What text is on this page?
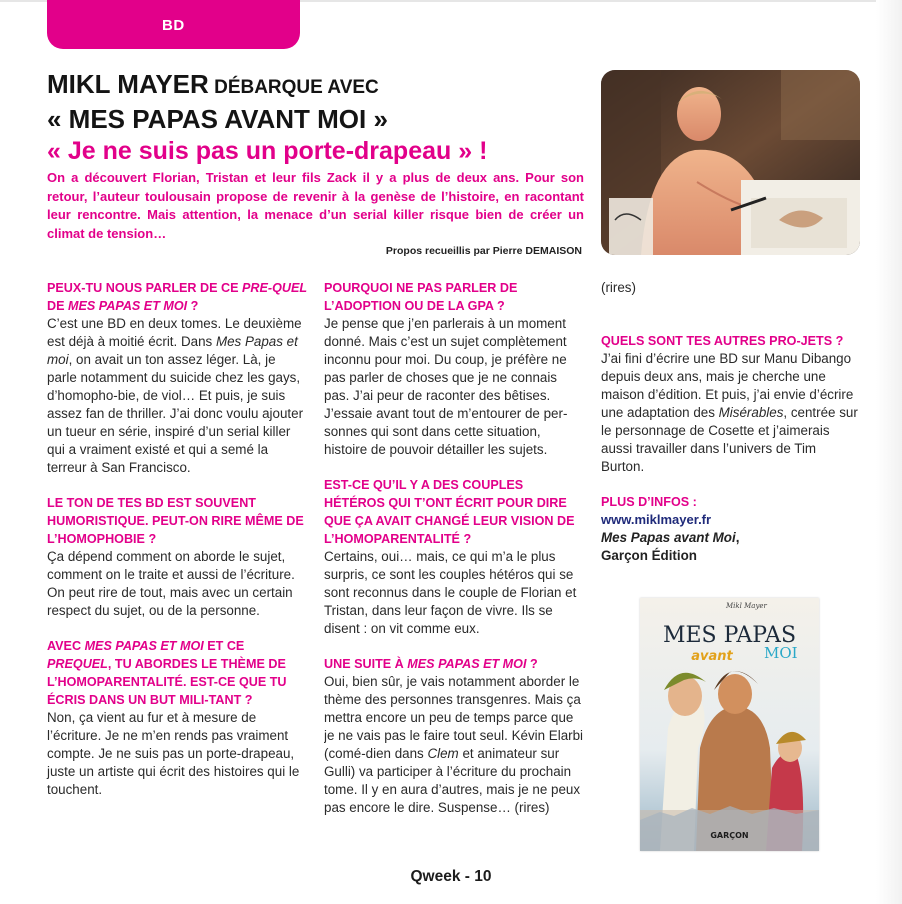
BD
MIKL MAYER DÉBARQUE AVEC
« MES PAPAS AVANT MOI »
« Je ne suis pas un porte-drapeau » !
On a découvert Florian, Tristan et leur fils Zack il y a plus de deux ans. Pour son retour, l’auteur toulousain propose de revenir à la genèse de l’histoire, en racontant leur rencontre. Mais attention, la menace d’un serial killer risque bien de créer un climat de tension…
Propos recueillis par Pierre DEMAISON
PEUX-TU NOUS PARLER DE CE PRE-QUEL DE MES PAPAS ET MOI ?

C’est une BD en deux tomes. Le deuxième est déjà à moitié écrit. Dans Mes Papas et moi, on avait un ton assez léger. Là, je parle notamment du suicide chez les gays, d’homopho-bie, de viol… Et puis, je suis assez fan de thriller. J’ai donc voulu ajouter un tueur en série, inspiré d’un serial killer qui a vraiment existé et qui a semé la terreur à San Francisco.

LE TON DE TES BD EST SOUVENT HUMORISTIQUE. PEUT-ON RIRE MÊME DE L’HOMOPHOBIE ?

Ça dépend comment on aborde le sujet, comment on le traite et aussi de l’écriture. On peut rire de tout, mais avec un certain respect du sujet, ou de la personne.

AVEC MES PAPAS ET MOI ET CE PREQUEL, TU ABORDES LE THÈME DE L’HOMOPARENTALITÉ. EST-CE QUE TU ÉCRIS DANS UN BUT MILI-TANT ?

Non, ça vient au fur et à mesure de l’écriture. Je ne m’en rends pas vraiment compte. Je ne suis pas un porte-drapeau, juste un artiste qui écrit des histoires qui le touchent.

POURQUOI NE PAS PARLER DE L’ADOPTION OU DE LA GPA ?

Je pense que j’en parlerais à un moment donné. Mais c’est un sujet complètement inconnu pour moi. Du coup, je préfère ne pas parler de choses que je ne connais pas. J’ai peur de raconter des bêtises. J’essaie avant tout de m’entourer de per-sonnes qui sont dans cette situation, histoire de pouvoir détailler les sujets.

EST-CE QU’IL Y A DES COUPLES HÉTÉROS QUI T’ONT ÉCRIT POUR DIRE QUE ÇA AVAIT CHANGÉ LEUR VISION DE L’HOMOPARENTALITÉ ?

Certains, oui… mais, ce qui m’a le plus surpris, ce sont les couples hétéros qui se sont reconnus dans le couple de Florian et Tristan, dans leur façon de vivre. Ils se disent : on vit comme eux.

UNE SUITE À MES PAPAS ET MOI ?

Oui, bien sûr, je vais notamment aborder le thème des personnes transgenres. Mais ça mettra encore un peu de temps parce que je ne vais pas le faire tout seul. Kévin Elarbi (comé-dien dans Clem et animateur sur Gulli) va participer à l’écriture du prochain tome. Il y en aura d’autres, mais je ne peux pas encore le dire. Suspense… (rires)

(rires)

QUELS SONT TES AUTRES PRO-JETS ?

J’ai fini d’écrire une BD sur Manu Dibango depuis deux ans, mais je cherche une maison d’édition. Et puis, j’ai envie d’écrire une adaptation des Misérables, centrée sur le personnage de Cosette et j’aimerais aussi travailler dans l’univers de Tim Burton.

PLUS D’INFOS :
www.miklmayer.fr
Mes Papas avant Moi,
Garçon Édition
Mikl Mayer
MES PAPAS
avant MOI
GARÇON
Qweek - 10
